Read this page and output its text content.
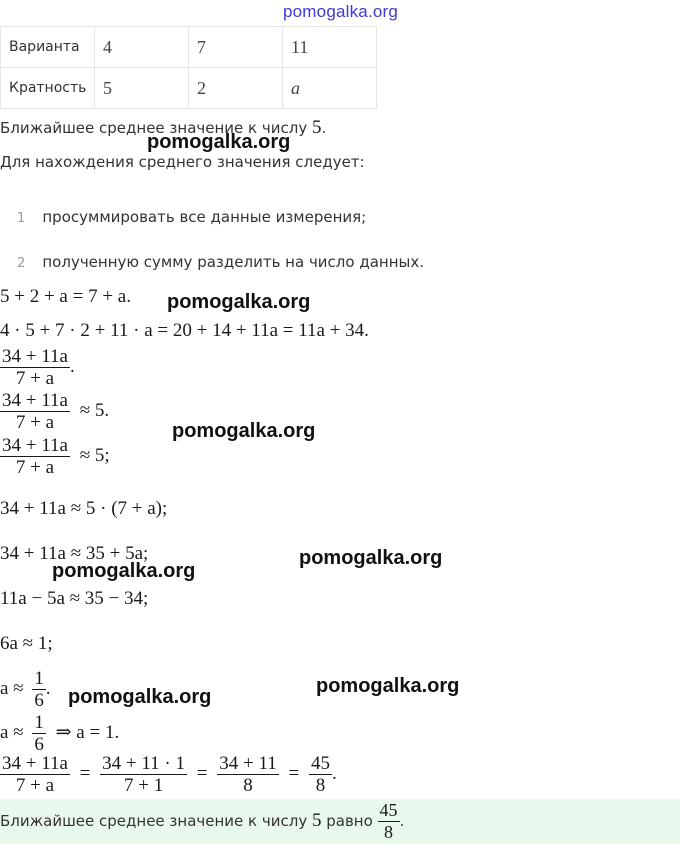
pomogalka.org
Варианта	4	7	11
Кратность	5	2	a
Ближайшее среднее значение к числу 5.
pomogalka.org
Для нахождения среднего значения следует:
1 просуммировать все данные измерения;
2 полученную сумму разделить на число данных.
5 + 2 + a = 7 + a. pomogalka.org
4 · 5 + 7 · 2 + 11 · a = 20 + 14 + 11a = 11a + 34.
$\frac{34 + 11a}{7 + a}$ .
$\frac{34 + 11a}{7 + a} \approx 5$.
pomogalka.org
$\frac{34 + 11a}{7 + a} \approx 5$;
34 + 11a ≈ 5 · (7 + a);
34 + 11a ≈ 35 + 5a;	pomogalka.org
pomogalka.org
11a − 5a ≈ 35 − 34;
6a ≈ 1;
$a \approx \frac{1}{6}$ . pomogalka.org	pomogalka.org
$a \approx \frac{1}{6}$ ⇒ a = 1.
$\frac{34 + 11a}{7 + a} = \frac{34 + 11 \cdot 1}{7 + 1} = \frac{34 + 11}{8} = \frac{45}{8}$ .
Ближайшее среднее значение к числу 5 равно $\frac{45}{8}$ .
